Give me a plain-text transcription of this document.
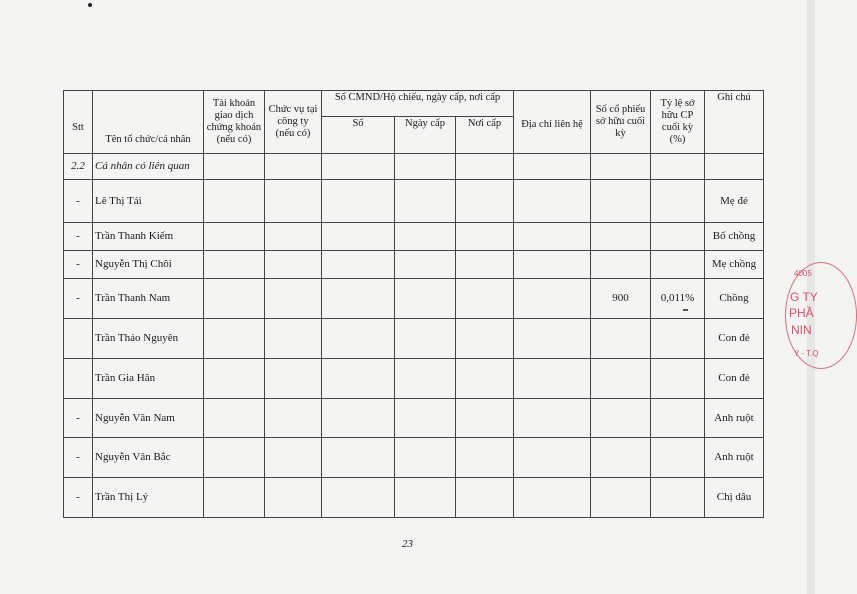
Stt	Tên tổ chức/cá nhân	Tài khoản giao dịch chứng khoán (nếu có)	Chức vụ tại công ty (nếu có)	Số CMND/Hộ chiếu, ngày cấp, nơi cấp			Địa chỉ liên hệ	Số cổ phiếu sở hữu cuối kỳ	Tỷ lệ sở hữu CP cuối kỳ (%)	Ghi chú
				Số	Ngày cấp	Nơi cấp				
2.2	Cá nhân có liên quan									
-	Lê Thị Tái									Mẹ đẻ
-	Trần Thanh Kiếm									Bố chồng
-	Nguyễn Thị Chôi									Mẹ chồng
-	Trần Thanh Nam							900	0,011%	Chồng
	Trần Thảo Nguyên									Con đẻ
	Trần Gia Hân									Con đẻ
-	Nguyễn Văn Nam									Anh ruột
-	Nguyễn Văn Bắc									Anh ruột
-	Trần Thị Lý									Chị dâu
23
4005
G TY
PHẦ
NIN
Y - T.Q
